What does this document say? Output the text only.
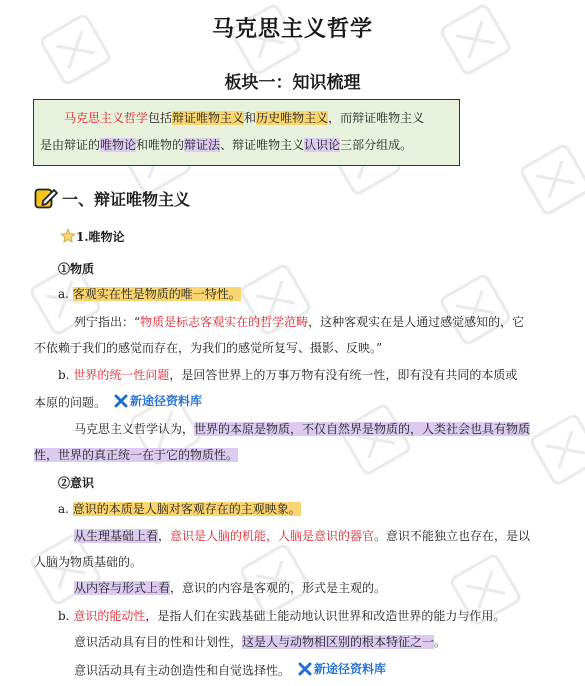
马克思主义哲学
板块一：知识梳理

马克思主义哲学包括辩证唯物主义和历史唯物主义，而辩证唯物主义

是由辩证的唯物论和唯物的辩证法、辩证唯物主义认识论三部分组成。

一、辩证唯物主义
1.唯物论
①物质
a. 客观实在性是物质的唯一特性。
列宁指出：“物质是标志客观实在的哲学范畴，这种客观实在是人通过感觉感知的，它
不依赖于我们的感觉而存在，为我们的感觉所复写、摄影、反映。”
b. 世界的统一性问题，是回答世界上的万事万物有没有统一性，即有没有共同的本质或
本原的问题。 新途径资料库
马克思主义哲学认为，世界的本原是物质，不仅自然界是物质的，人类社会也具有物质
性，世界的真正统一在于它的物质性。
②意识
a. 意识的本质是人脑对客观存在的主观映象。
从生理基础上看，意识是人脑的机能，人脑是意识的器官。意识不能独立也存在，是以
人脑为物质基础的。
从内容与形式上看，意识的内容是客观的，形式是主观的。
b. 意识的能动性，是指人们在实践基础上能动地认识世界和改造世界的能力与作用。
意识活动具有目的性和计划性，这是人与动物相区别的根本特征之一。
意识活动具有主动创造性和自觉选择性。 新途径资料库
